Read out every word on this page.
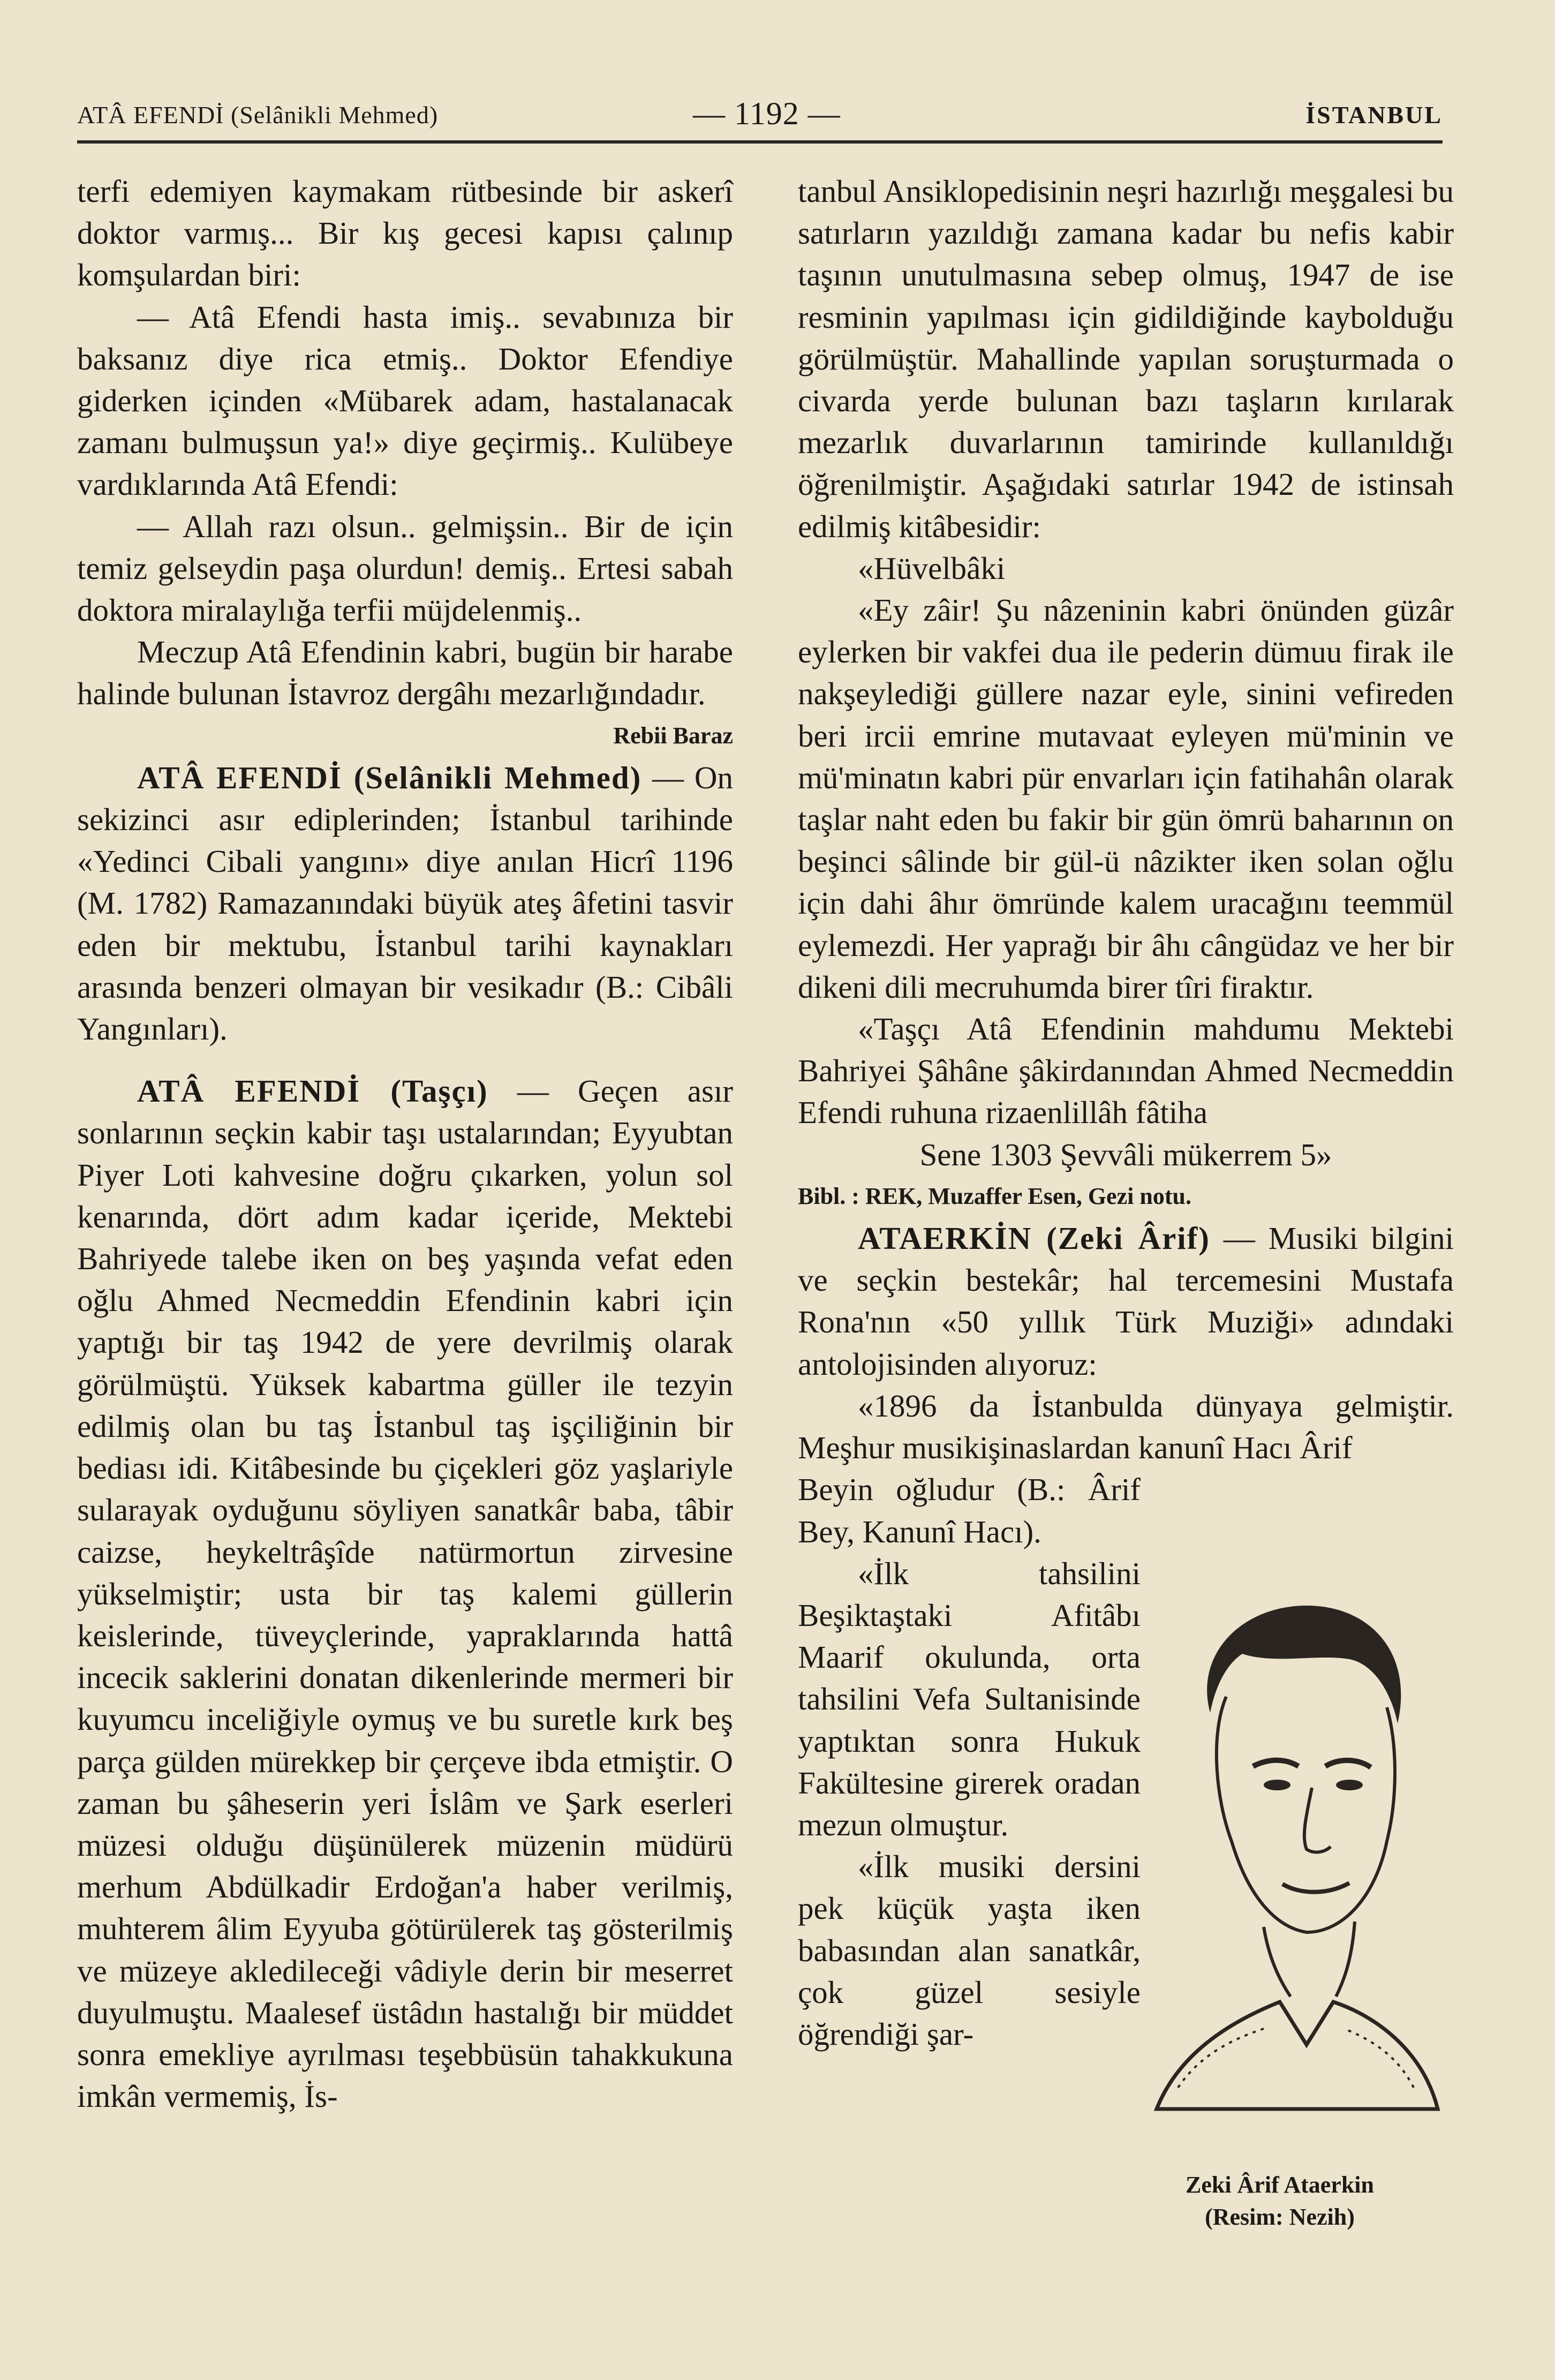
ATÂ EFENDİ (Selânikli Mehmed)	— 1192 —	İSTANBUL

terfi edemiyen kaymakam rütbesinde bir askerî doktor varmış... Bir kış gecesi kapısı çalınıp komşulardan biri:

— Atâ Efendi hasta imiş.. sevabınıza bir baksanız diye rica etmiş.. Doktor Efendiye giderken içinden «Mübarek adam, hastalanacak zamanı bulmuşsun ya!» diye geçirmiş.. Kulübeye vardıklarında Atâ Efendi:

— Allah razı olsun.. gelmişsin.. Bir de için temiz gelseydin paşa olurdun! demiş.. Ertesi sabah doktora miralaylığa terfii müjdelenmiş..

Meczup Atâ Efendinin kabri, bugün bir harabe halinde bulunan İstavroz dergâhı mezarlığındadır.

Rebii Baraz

ATÂ EFENDİ (Selânikli Mehmed) — On sekizinci asır ediplerinden; İstanbul tarihinde «Yedinci Cibali yangını» diye anılan Hicrî 1196 (M. 1782) Ramazanındaki büyük ateş âfetini tasvir eden bir mektubu, İstanbul tarihi kaynakları arasında benzeri olmayan bir vesikadır (B.: Cibâli Yangınları).

ATÂ EFENDİ (Taşçı) — Geçen asır sonlarının seçkin kabir taşı ustalarından; Eyyubtan Piyer Loti kahvesine doğru çıkarken, yolun sol kenarında, dört adım kadar içeride, Mektebi Bahriyede talebe iken on beş yaşında vefat eden oğlu Ahmed Necmeddin Efendinin kabri için yaptığı bir taş 1942 de yere devrilmiş olarak görülmüştü. Yüksek kabartma güller ile tezyin edilmiş olan bu taş İstanbul taş işçiliğinin bir bediası idi. Kitâbesinde bu çiçekleri göz yaşlariyle sularayak oyduğunu söyliyen sanatkâr baba, tâbir caizse, heykeltrâşîde natürmortun zirvesine yükselmiştir; usta bir taş kalemi güllerin keislerinde, tüveyçlerinde, yapraklarında hattâ incecik saklerini donatan dikenlerinde mermeri bir kuyumcu inceliğiyle oymuş ve bu suretle kırk beş parça gülden mürekkep bir çerçeve ibda etmiştir. O zaman bu şâheserin yeri İslâm ve Şark eserleri müzesi olduğu düşünülerek müzenin müdürü merhum Abdülkadir Erdoğan'a haber verilmiş, muhterem âlim Eyyuba götürülerek taş gösterilmiş ve müzeye akledileceği vâdiyle derin bir meserret duyulmuştu. Maalesef üstâdın hastalığı bir müddet sonra emekliye ayrılması teşebbüsün tahakkukuna imkân vermemiş, İs-

tanbul Ansiklopedisinin neşri hazırlığı meşgalesi bu satırların yazıldığı zamana kadar bu nefis kabir taşının unutulmasına sebep olmuş, 1947 de ise resminin yapılması için gidildiğinde kaybolduğu görülmüştür. Mahallinde yapılan soruşturmada o civarda yerde bulunan bazı taşların kırılarak mezarlık duvarlarının tamirinde kullanıldığı öğrenilmiştir. Aşağıdaki satırlar 1942 de istinsah edilmiş kitâbesidir:

«Hüvelbâki

«Ey zâir! Şu nâzeninin kabri önünden güzâr eylerken bir vakfei dua ile pederin dümuu firak ile nakşeylediği güllere nazar eyle, sinini vefireden beri ircii emrine mutavaat eyleyen mü'minin ve mü'minatın kabri pür envarları için fatihahân olarak taşlar naht eden bu fakir bir gün ömrü baharının on beşinci sâlinde bir gül-ü nâzikter iken solan oğlu için dahi âhır ömründe kalem uracağını teemmül eylemezdi. Her yaprağı bir âhı cângüdaz ve her bir dikeni dili mecruhumda birer tîri firaktır.

«Taşçı Atâ Efendinin mahdumu Mektebi Bahriyei Şâhâne şâkirdanından Ahmed Necmeddin Efendi ruhuna rizaenlillâh fâtiha

Sene 1303 Şevvâli mükerrem 5»

Bibl. : REK, Muzaffer Esen, Gezi notu.

ATAERKİN (Zeki Ârif) — Musiki bilgini ve seçkin bestekâr; hal tercemesini Mustafa Rona'nın «50 yıllık Türk Muziği» adındaki antolojisinden alıyoruz:

«1896 da İstanbulda dünyaya gelmiştir. Meşhur musikişinaslardan kanunî Hacı Ârif

Beyin oğludur (B.: Ârif Bey, Kanunî Hacı).

«İlk tahsilini Beşiktaştaki Afitâbı Maarif okulunda, orta tahsilini Vefa Sultanisinde yaptıktan sonra Hukuk Fakültesine girerek oradan mezun olmuştur.

«İlk musiki dersini pek küçük yaşta iken babasından alan sanatkâr, çok güzel sesiyle öğrendiği şar-

Zeki Ârif Ataerkin
(Resim: Nezih)
